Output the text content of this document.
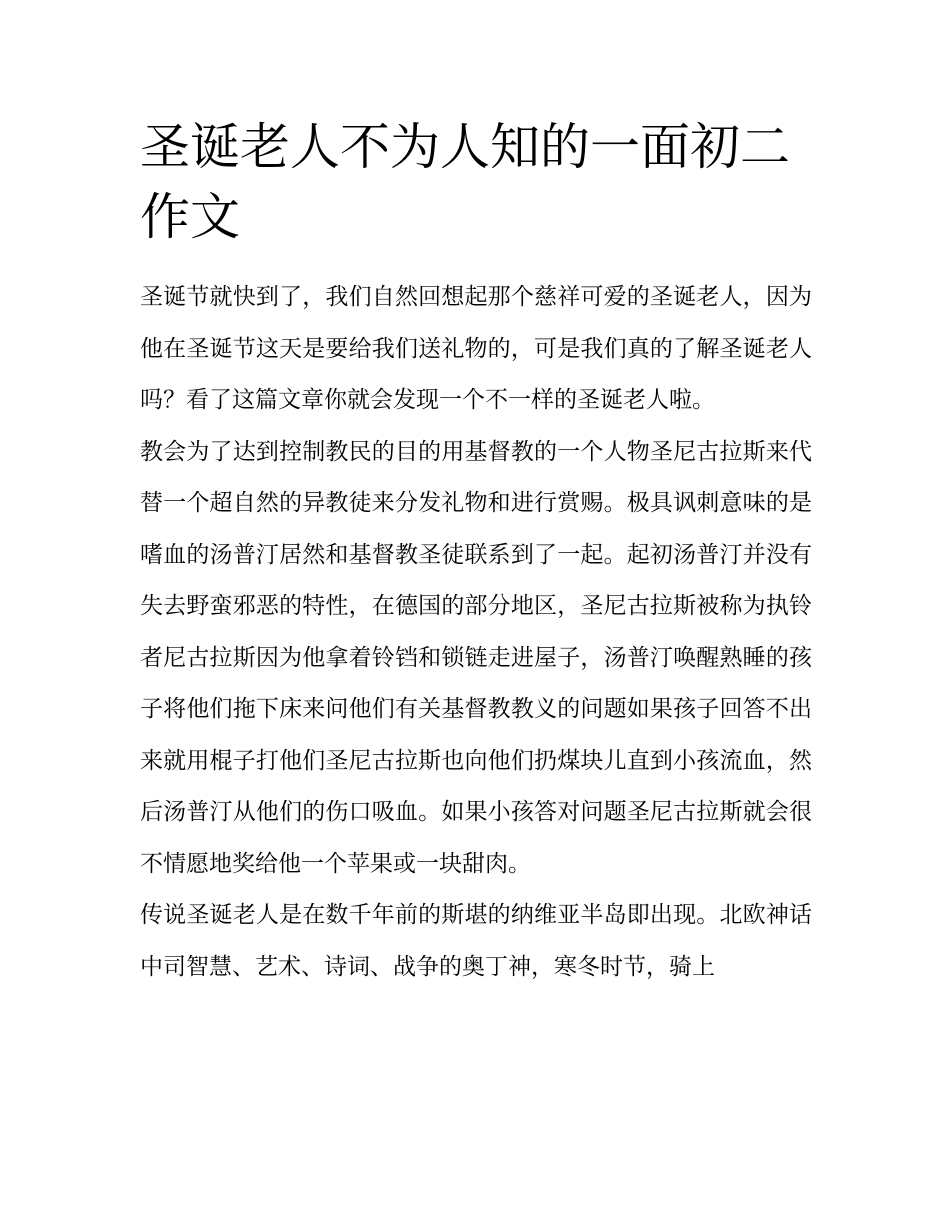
圣诞老人不为人知的一面初二作文

圣诞节就快到了，我们自然回想起那个慈祥可爱的圣诞老人，因为他在圣诞节这天是要给我们送礼物的，可是我们真的了解圣诞老人吗？看了这篇文章你就会发现一个不一样的圣诞老人啦。

教会为了达到控制教民的目的用基督教的一个人物圣尼古拉斯来代替一个超自然的异教徒来分发礼物和进行赏赐。极具讽刺意味的是嗜血的汤普汀居然和基督教圣徒联系到了一起。起初汤普汀并没有失去野蛮邪恶的特性，在德国的部分地区，圣尼古拉斯被称为执铃者尼古拉斯因为他拿着铃铛和锁链走进屋子，汤普汀唤醒熟睡的孩子将他们拖下床来问他们有关基督教教义的问题如果孩子回答不出来就用棍子打他们圣尼古拉斯也向他们扔煤块儿直到小孩流血，然后汤普汀从他们的伤口吸血。如果小孩答对问题圣尼古拉斯就会很不情愿地奖给他一个苹果或一块甜肉。

传说圣诞老人是在数千年前的斯堪的纳维亚半岛即出现。北欧神话中司智慧、艺术、诗词、战争的奥丁神，寒冬时节，骑上
